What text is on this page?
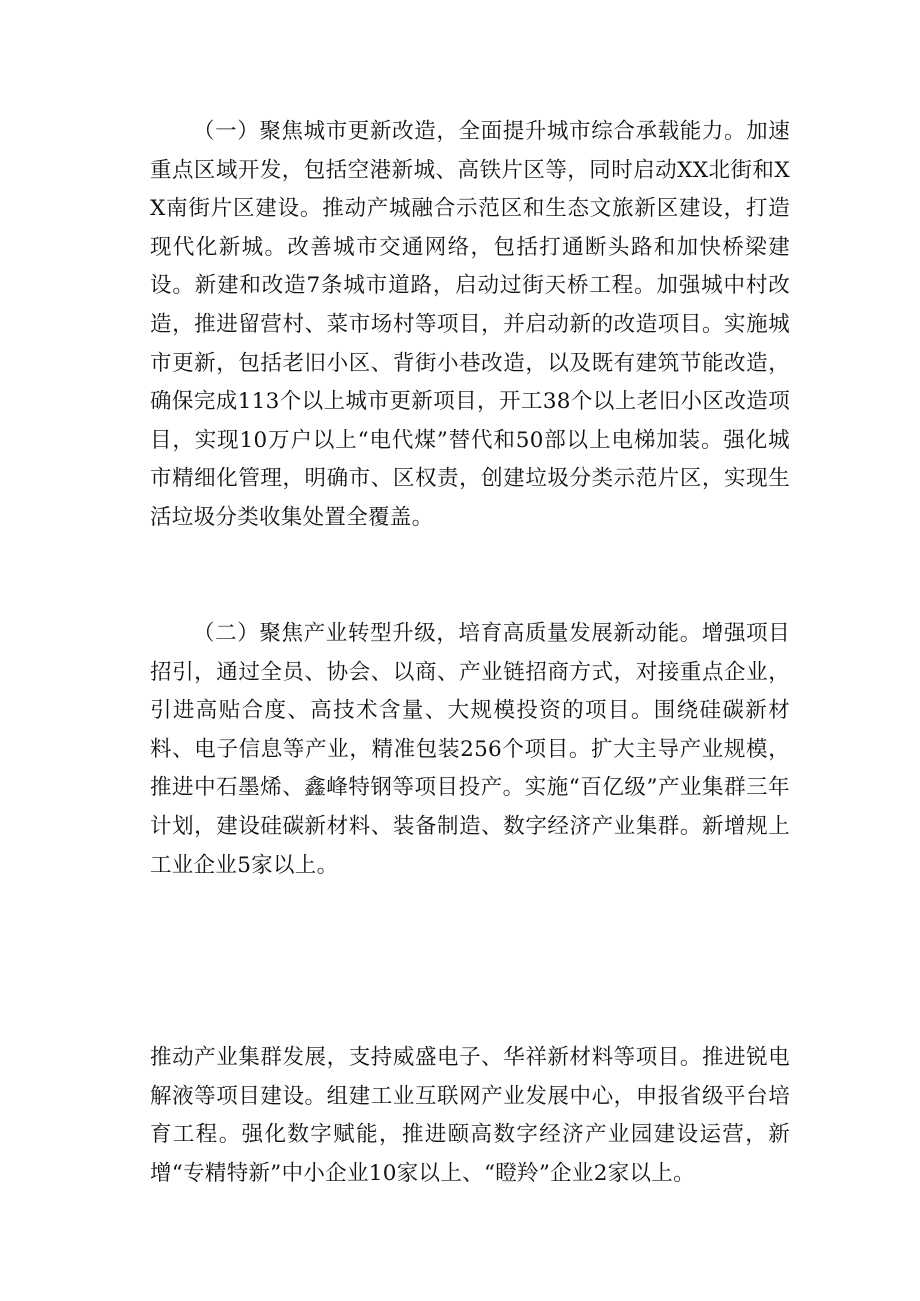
（一）聚焦城市更新改造，全面提升城市综合承载能力。加速重点区域开发，包括空港新城、高铁片区等，同时启动XX北街和XX南街片区建设。推动产城融合示范区和生态文旅新区建设，打造现代化新城。改善城市交通网络，包括打通断头路和加快桥梁建设。新建和改造7条城市道路，启动过街天桥工程。加强城中村改造，推进留营村、菜市场村等项目，并启动新的改造项目。实施城市更新，包括老旧小区、背街小巷改造，以及既有建筑节能改造，确保完成113个以上城市更新项目，开工38个以上老旧小区改造项目，实现10万户以上“电代煤”替代和50部以上电梯加装。强化城市精细化管理，明确市、区权责，创建垃圾分类示范片区，实现生活垃圾分类收集处置全覆盖。

（二）聚焦产业转型升级，培育高质量发展新动能。增强项目招引，通过全员、协会、以商、产业链招商方式，对接重点企业，引进高贴合度、高技术含量、大规模投资的项目。围绕硅碳新材料、电子信息等产业，精准包装256个项目。扩大主导产业规模，推进中石墨烯、鑫峰特钢等项目投产。实施“百亿级”产业集群三年计划，建设硅碳新材料、装备制造、数字经济产业集群。新增规上工业企业5家以上。

推动产业集群发展，支持威盛电子、华祥新材料等项目。推进锐电解液等项目建设。组建工业互联网产业发展中心，申报省级平台培育工程。强化数字赋能，推进颐高数字经济产业园建设运营，新增“专精特新”中小企业10家以上、“瞪羚”企业2家以上。
